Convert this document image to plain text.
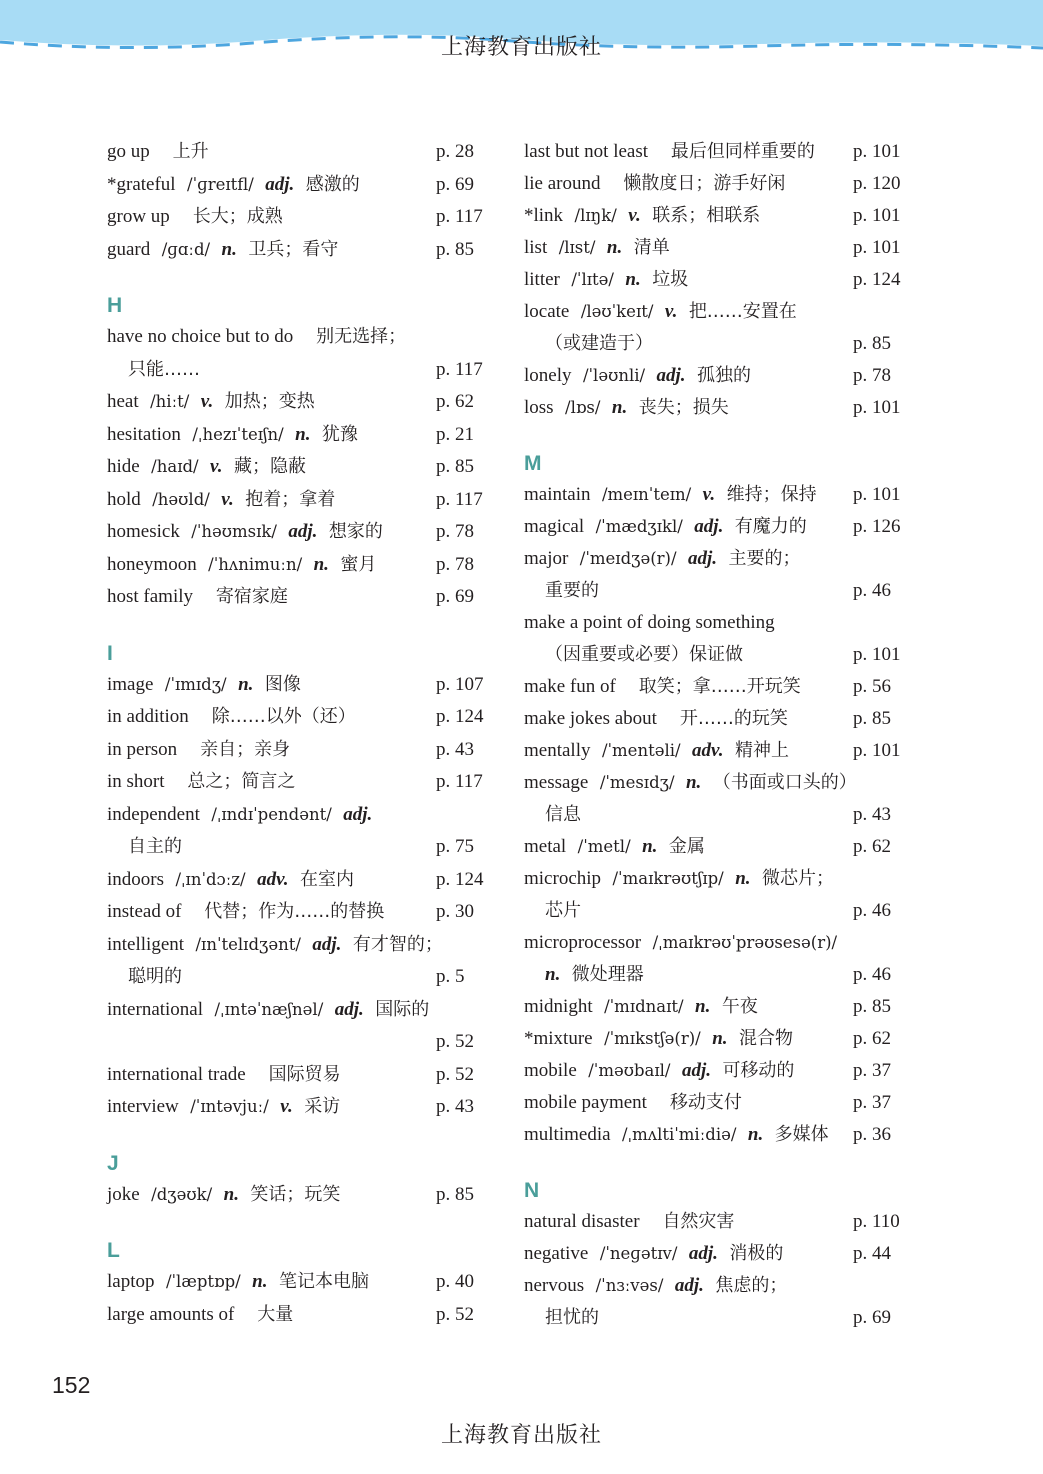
上海教育出版社
go up 上升	p. 28
*grateful /ˈɡreɪtfl/ adj. 感激的	p. 69
grow up 长大；成熟	p. 117
guard /ɡɑːd/ n. 卫兵；看守	p. 85
H
have no choice but to do 别无选择；
只能……	p. 117
heat /hiːt/ v. 加热；变热	p. 62
hesitation /ˌhezɪˈteɪʃn/ n. 犹豫	p. 21
hide /haɪd/ v. 藏；隐蔽	p. 85
hold /həʊld/ v. 抱着；拿着	p. 117
homesick /ˈhəʊmsɪk/ adj. 想家的	p. 78
honeymoon /ˈhʌnimuːn/ n. 蜜月	p. 78
host family 寄宿家庭	p. 69
I
image /ˈɪmɪdʒ/ n. 图像	p. 107
in addition 除……以外（还）	p. 124
in person 亲自；亲身	p. 43
in short 总之；简言之	p. 117
independent /ˌɪndɪˈpendənt/ adj.
自主的	p. 75
indoors /ˌɪnˈdɔːz/ adv. 在室内	p. 124
instead of 代替；作为……的替换	p. 30
intelligent /ɪnˈtelɪdʒənt/ adj. 有才智的；
聪明的	p. 5
international /ˌɪntəˈnæʃnəl/ adj. 国际的
p. 52
international trade 国际贸易	p. 52
interview /ˈɪntəvjuː/ v. 采访	p. 43
J
joke /dʒəʊk/ n. 笑话；玩笑	p. 85
L
laptop /ˈlæptɒp/ n. 笔记本电脑	p. 40
large amounts of 大量	p. 52
last but not least 最后但同样重要的 p. 101
lie around 懒散度日；游手好闲	p. 120
*link /lɪŋk/ v. 联系；相联系	p. 101
list /lɪst/ n. 清单	p. 101
litter /ˈlɪtə/ n. 垃圾	p. 124
locate /ləʊˈkeɪt/ v. 把……安置在
（或建造于）	p. 85
lonely /ˈləʊnli/ adj. 孤独的	p. 78
loss /lɒs/ n. 丧失；损失	p. 101
M
maintain /meɪnˈteɪn/ v. 维持；保持 p. 101
magical /ˈmædʒɪkl/ adj. 有魔力的 p. 126
major /ˈmeɪdʒə(r)/ adj. 主要的；
重要的	p. 46
make a point of doing something
（因重要或必要）保证做	p. 101
make fun of 取笑；拿……开玩笑	p. 56
make jokes about 开……的玩笑	p. 85
mentally /ˈmentəli/ adv. 精神上	p. 101
message /ˈmesɪdʒ/ n. （书面或口头的）
信息	p. 43
metal /ˈmetl/ n. 金属	p. 62
microchip /ˈmaɪkrəʊtʃɪp/ n. 微芯片；
芯片	p. 46
microprocessor /ˌmaɪkrəʊˈprəʊsesə(r)/
n. 微处理器	p. 46
midnight /ˈmɪdnaɪt/ n. 午夜	p. 85
*mixture /ˈmɪkstʃə(r)/ n. 混合物	p. 62
mobile /ˈməʊbaɪl/ adj. 可移动的	p. 37
mobile payment 移动支付	p. 37
multimedia /ˌmʌltiˈmiːdiə/ n. 多媒体 p. 36
N
natural disaster 自然灾害	p. 110
negative /ˈneɡətɪv/ adj. 消极的	p. 44
nervous /ˈnɜːvəs/ adj. 焦虑的；
担忧的	p. 69
152
上海教育出版社
